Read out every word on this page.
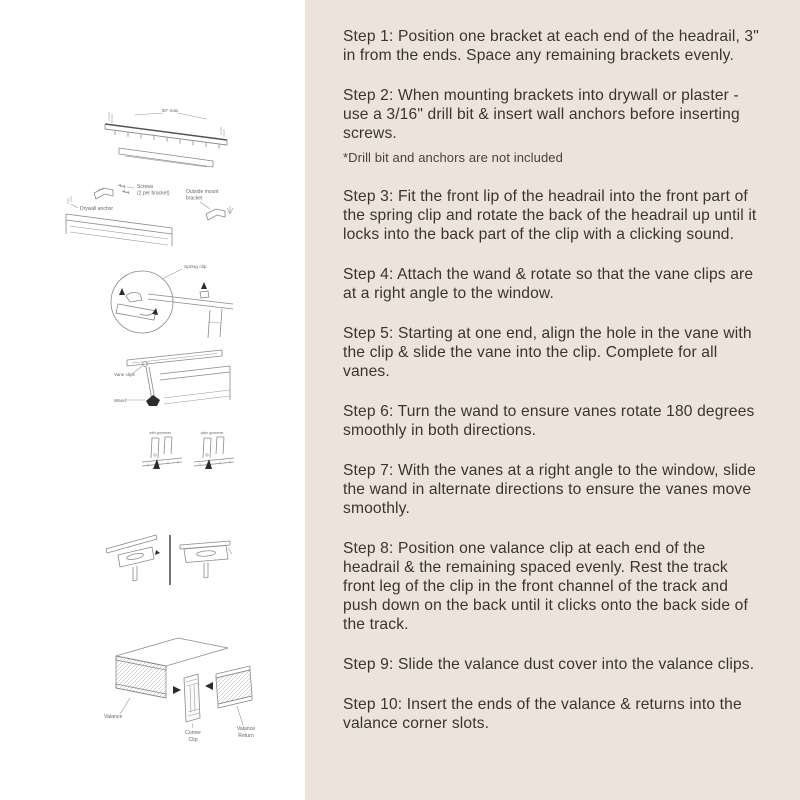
30" max
Screws
(2 per bracket)	Outside mount
bracket
Drywall anchor
Spring clip
Vane clips
Wand
with grommet	plain grommet
Valance
Corner
Clip
Valance
Return

Step 1: Position one bracket at each end of the headrail, 3" in from the ends. Space any remaining brackets evenly.

Step 2: When mounting brackets into drywall or plaster - use a 3/16" drill bit & insert wall anchors before inserting screws.

*Drill bit and anchors are not included

Step 3: Fit the front lip of the headrail into the front part of the spring clip and rotate the back of the headrail up until it locks into the back part of the clip with a clicking sound.

Step 4: Attach the wand & rotate so that the vane clips are at a right angle to the window.

Step 5: Starting at one end, align the hole in the vane with the clip & slide the vane into the clip. Complete for all vanes.

Step 6: Turn the wand to ensure vanes rotate 180 degrees smoothly in both directions.

Step 7: With the vanes at a right angle to the window, slide the wand in alternate directions to ensure the vanes move smoothly.

Step 8: Position one valance clip at each end of the headrail & the remaining spaced evenly. Rest the track front leg of the clip in the front channel of the track and push down on the back until it clicks onto the back side of the track.

Step 9: Slide the valance dust cover into the valance clips.

Step 10: Insert the ends of the valance & returns into the valance corner slots.
